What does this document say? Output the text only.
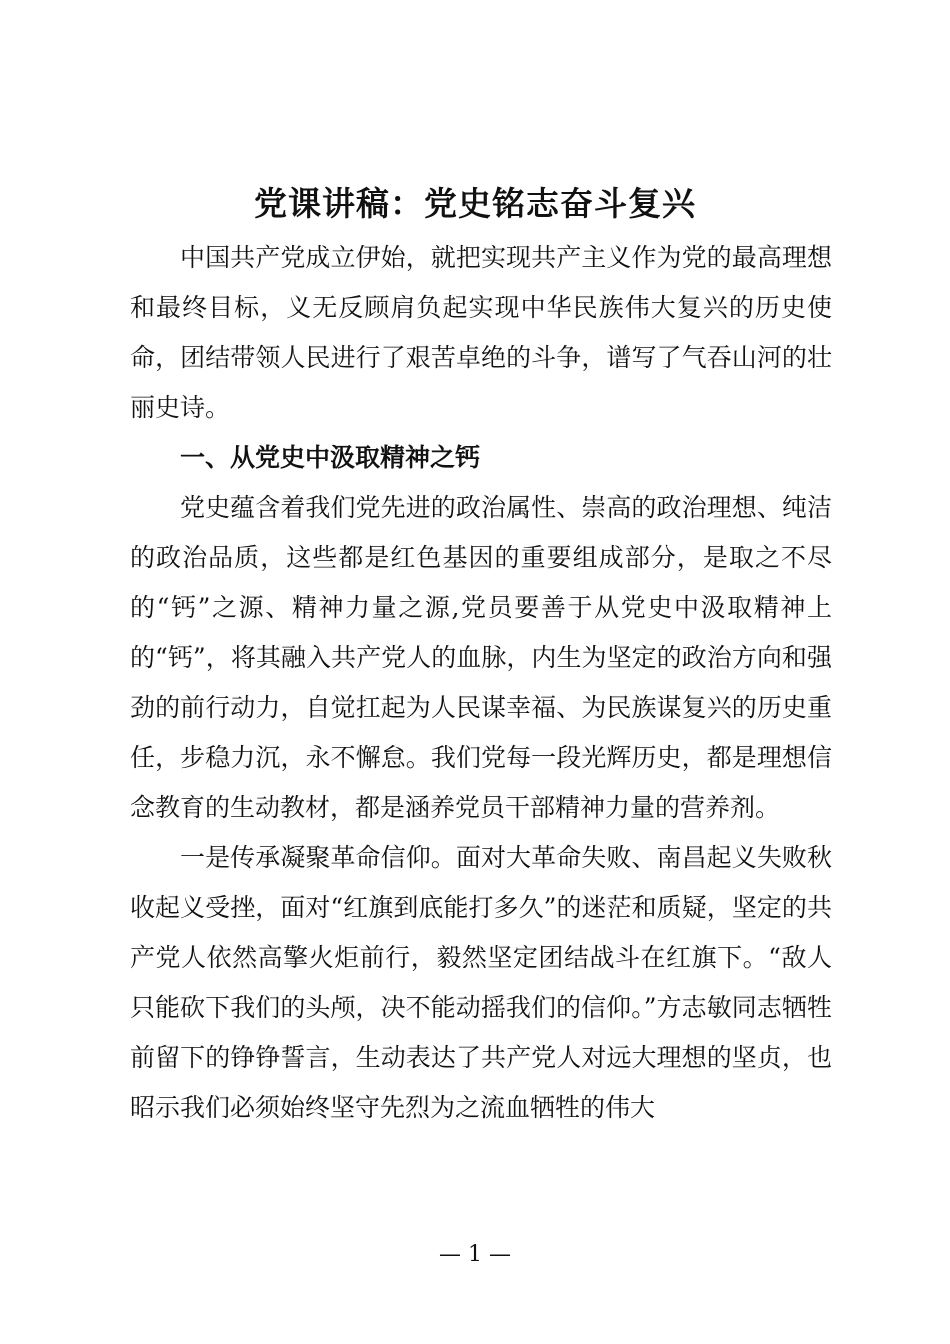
党课讲稿：党史铭志奋斗复兴

中国共产党成立伊始，就把实现共产主义作为党的最高理想和最终目标，义无反顾肩负起实现中华民族伟大复兴的历史使命，团结带领人民进行了艰苦卓绝的斗争，谱写了气吞山河的壮丽史诗。

一、从党史中汲取精神之钙

党史蕴含着我们党先进的政治属性、崇高的政治理想、纯洁的政治品质，这些都是红色基因的重要组成部分，是取之不尽的“钙”之源、精神力量之源,党员要善于从党史中汲取精神上的“钙”，将其融入共产党人的血脉，内生为坚定的政治方向和强劲的前行动力，自觉扛起为人民谋幸福、为民族谋复兴的历史重任，步稳力沉，永不懈怠。我们党每一段光辉历史，都是理想信念教育的生动教材，都是涵养党员干部精神力量的营养剂。

一是传承凝聚革命信仰。面对大革命失败、南昌起义失败秋收起义受挫，面对“红旗到底能打多久”的迷茫和质疑，坚定的共产党人依然高擎火炬前行，毅然坚定团结战斗在红旗下。“敌人只能砍下我们的头颅，决不能动摇我们的信仰。”方志敏同志牺牲前留下的铮铮誓言，生动表达了共产党人对远大理想的坚贞，也昭示我们必须始终坚守先烈为之流血牺牲的伟大

— 1 —
